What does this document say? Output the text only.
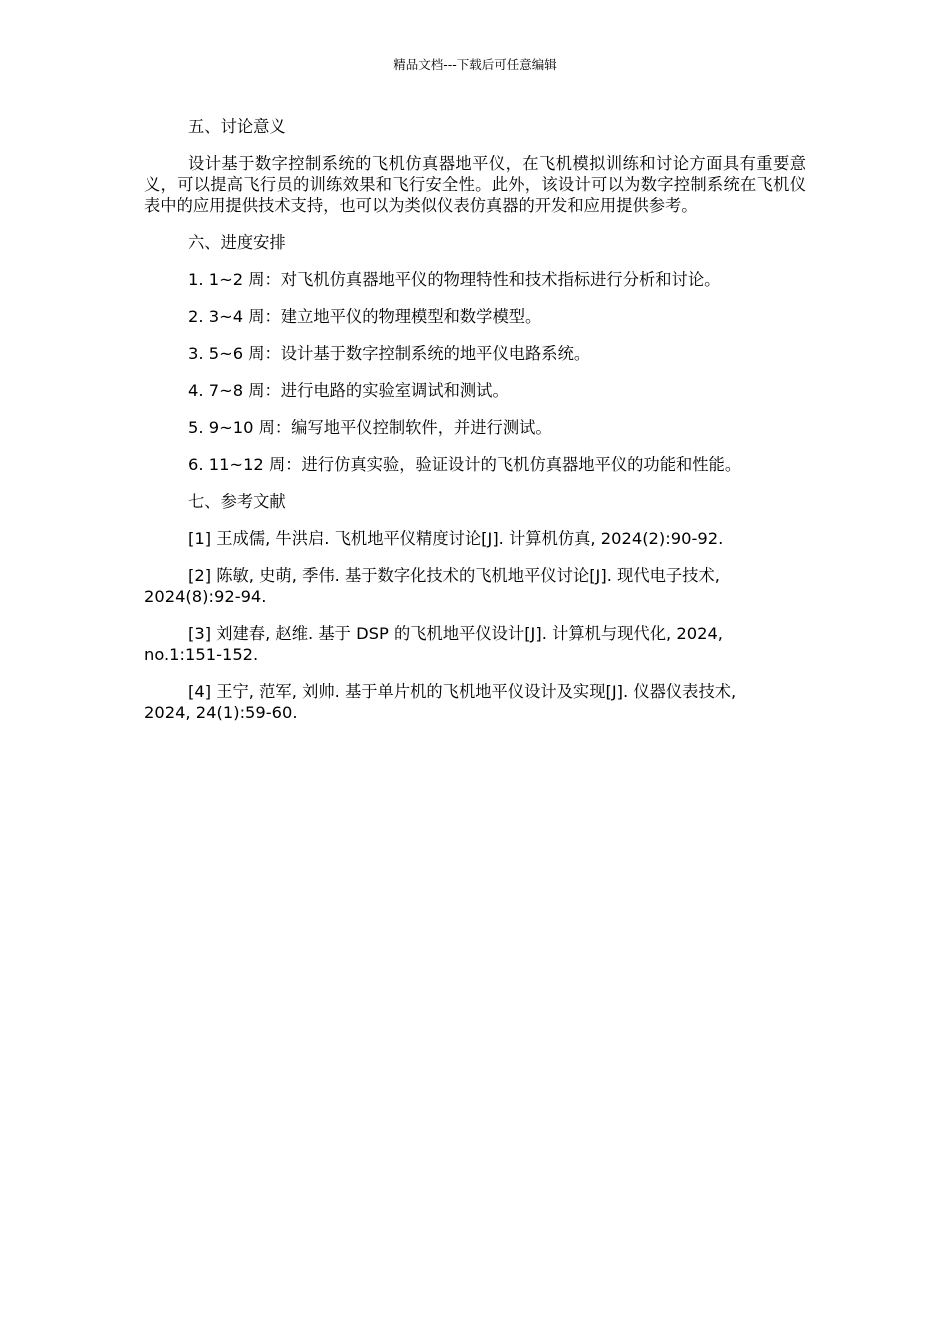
精品文档---下载后可任意编辑

五、讨论意义

设计基于数字控制系统的飞机仿真器地平仪，在飞机模拟训练和讨论方面具有重要意义，可以提高飞行员的训练效果和飞行安全性。此外，该设计可以为数字控制系统在飞机仪表中的应用提供技术支持，也可以为类似仪表仿真器的开发和应用提供参考。

六、进度安排

1. 1~2 周：对飞机仿真器地平仪的物理特性和技术指标进行分析和讨论。

2. 3~4 周：建立地平仪的物理模型和数学模型。

3. 5~6 周：设计基于数字控制系统的地平仪电路系统。

4. 7~8 周：进行电路的实验室调试和测试。

5. 9~10 周：编写地平仪控制软件，并进行测试。

6. 11~12 周：进行仿真实验，验证设计的飞机仿真器地平仪的功能和性能。

七、参考文献

[1] 王成儒, 牛洪启. 飞机地平仪精度讨论[J]. 计算机仿真, 2024(2):90-92.

[2] 陈敏, 史萌, 季伟. 基于数字化技术的飞机地平仪讨论[J]. 现代电子技术,
2024(8):92-94.

[3] 刘建春, 赵维. 基于 DSP 的飞机地平仪设计[J]. 计算机与现代化, 2024,
no.1:151-152.

[4] 王宁, 范军, 刘帅. 基于单片机的飞机地平仪设计及实现[J]. 仪器仪表技术,
2024, 24(1):59-60.
